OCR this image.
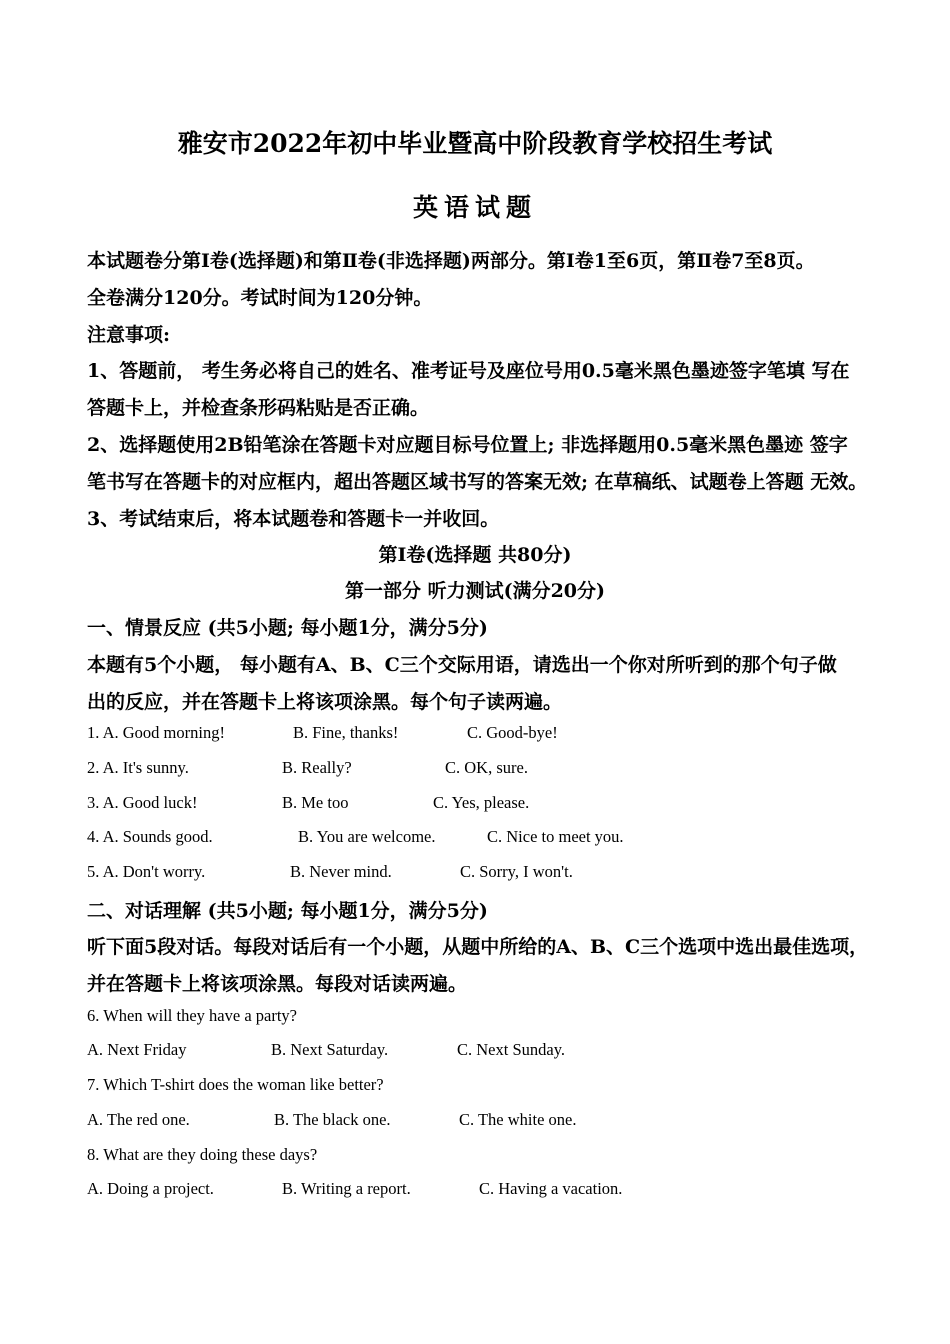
雅安市2022年初中毕业暨高中阶段教育学校招生考试
英语试题
本试题卷分第Ⅰ卷(选择题)和第Ⅱ卷(非选择题)两部分。第Ⅰ卷1至6页，第Ⅱ卷7至8页。
全卷满分120分。考试时间为120分钟。
注意事项:
1、答题前， 考生务必将自己的姓名、准考证号及座位号用0.5毫米黑色墨迹签字笔填 写在
答题卡上，并检查条形码粘贴是否正确。
2、选择题使用2B铅笔涂在答题卡对应题目标号位置上; 非选择题用0.5毫米黑色墨迹 签字
笔书写在答题卡的对应框内，超出答题区域书写的答案无效; 在草稿纸、试题卷上答题 无效。
3、考试结束后，将本试题卷和答题卡一并收回。
第Ⅰ卷(选择题 共80分)
第一部分 听力测试(满分20分)
一、情景反应 (共5小题; 每小题1分，满分5分)
本题有5个小题， 每小题有A、B、C三个交际用语，请选出一个你对所听到的那个句子做
出的反应，并在答题卡上将该项涂黑。每个句子读两遍。
1. A. Good morning!	B. Fine, thanks!	C. Good-bye!
2. A. It's sunny.	B. Really?	C. OK, sure.
3. A. Good luck!	B. Me too	C. Yes, please.
4. A. Sounds good.	B. You are welcome.	C. Nice to meet you.
5. A. Don't worry.	B. Never mind.	C. Sorry, I won't.
二、对话理解 (共5小题; 每小题1分，满分5分)
听下面5段对话。每段对话后有一个小题，从题中所给的A、B、C三个选项中选出最佳选项，
并在答题卡上将该项涂黑。每段对话读两遍。
6. When will they have a party?
A. Next Friday	B. Next Saturday.	C. Next Sunday.
7. Which T-shirt does the woman like better?
A. The red one.	B. The black one.	C. The white one.
8. What are they doing these days?
A. Doing a project.	B. Writing a report.	C. Having a vacation.
